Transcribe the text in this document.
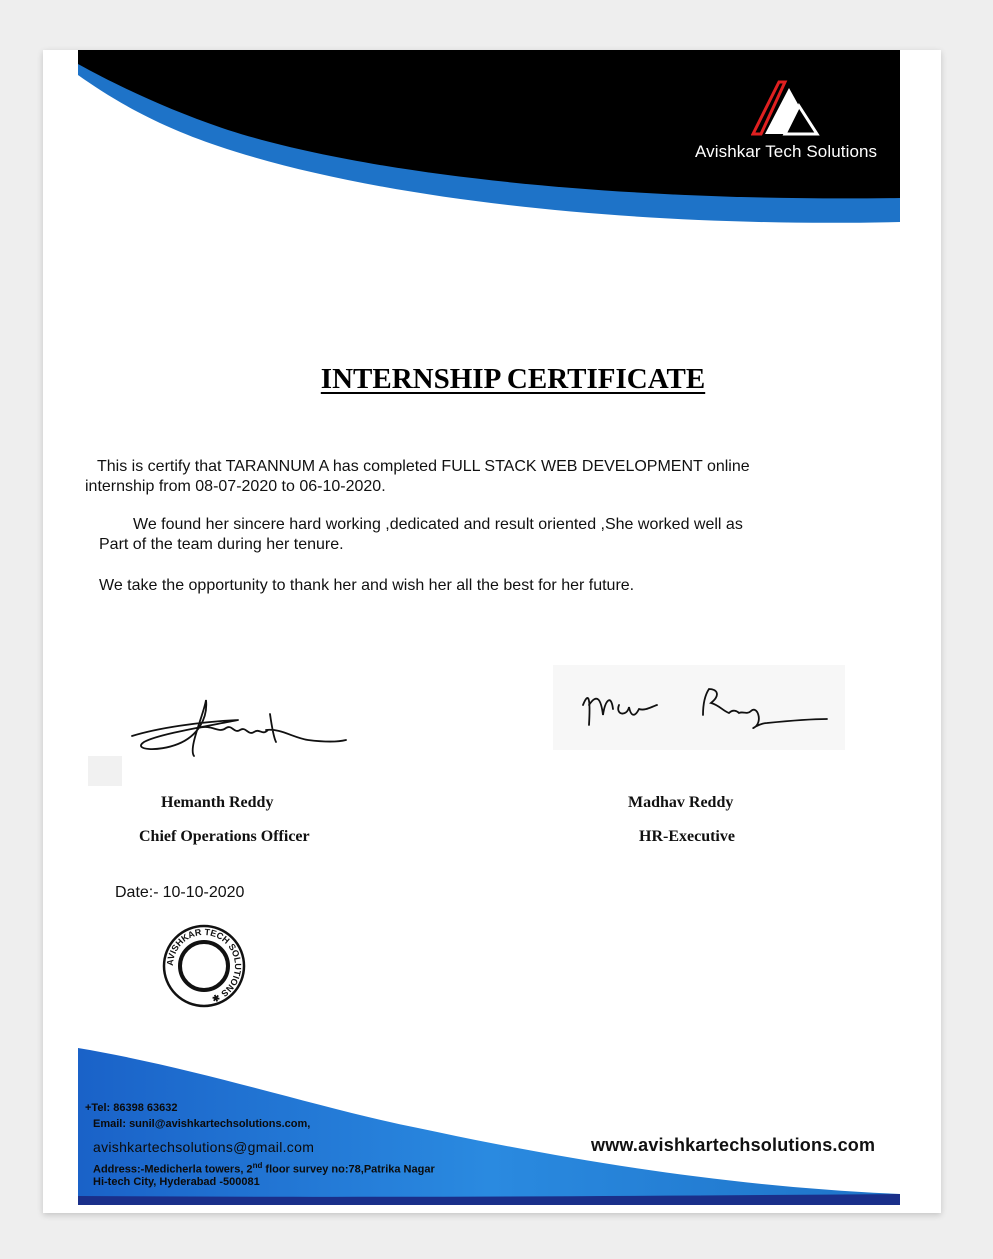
Avishkar Tech Solutions
INTERNSHIP CERTIFICATE
This is certify that TARANNUM A has completed FULL STACK WEB DEVELOPMENT online
internship from 08-07-2020 to 06-10-2020.
We found her sincere hard working ,dedicated and result oriented ,She worked well as
Part of the team during her tenure.
We take the opportunity to thank her and wish her all the best for her future.
Hemanth Reddy
Chief Operations Officer
Madhav Reddy
HR-Executive
Date:- 10-10-2020
AVISHKAR TECH SOLUTIONS ✱
+Tel: 86398 63632
Email: sunil@avishkartechsolutions.com,
avishkartechsolutions@gmail.com
Address:-Medicherla towers, 2nd floor survey no:78,Patrika Nagar
Hi-tech City, Hyderabad -500081
www.avishkartechsolutions.com
